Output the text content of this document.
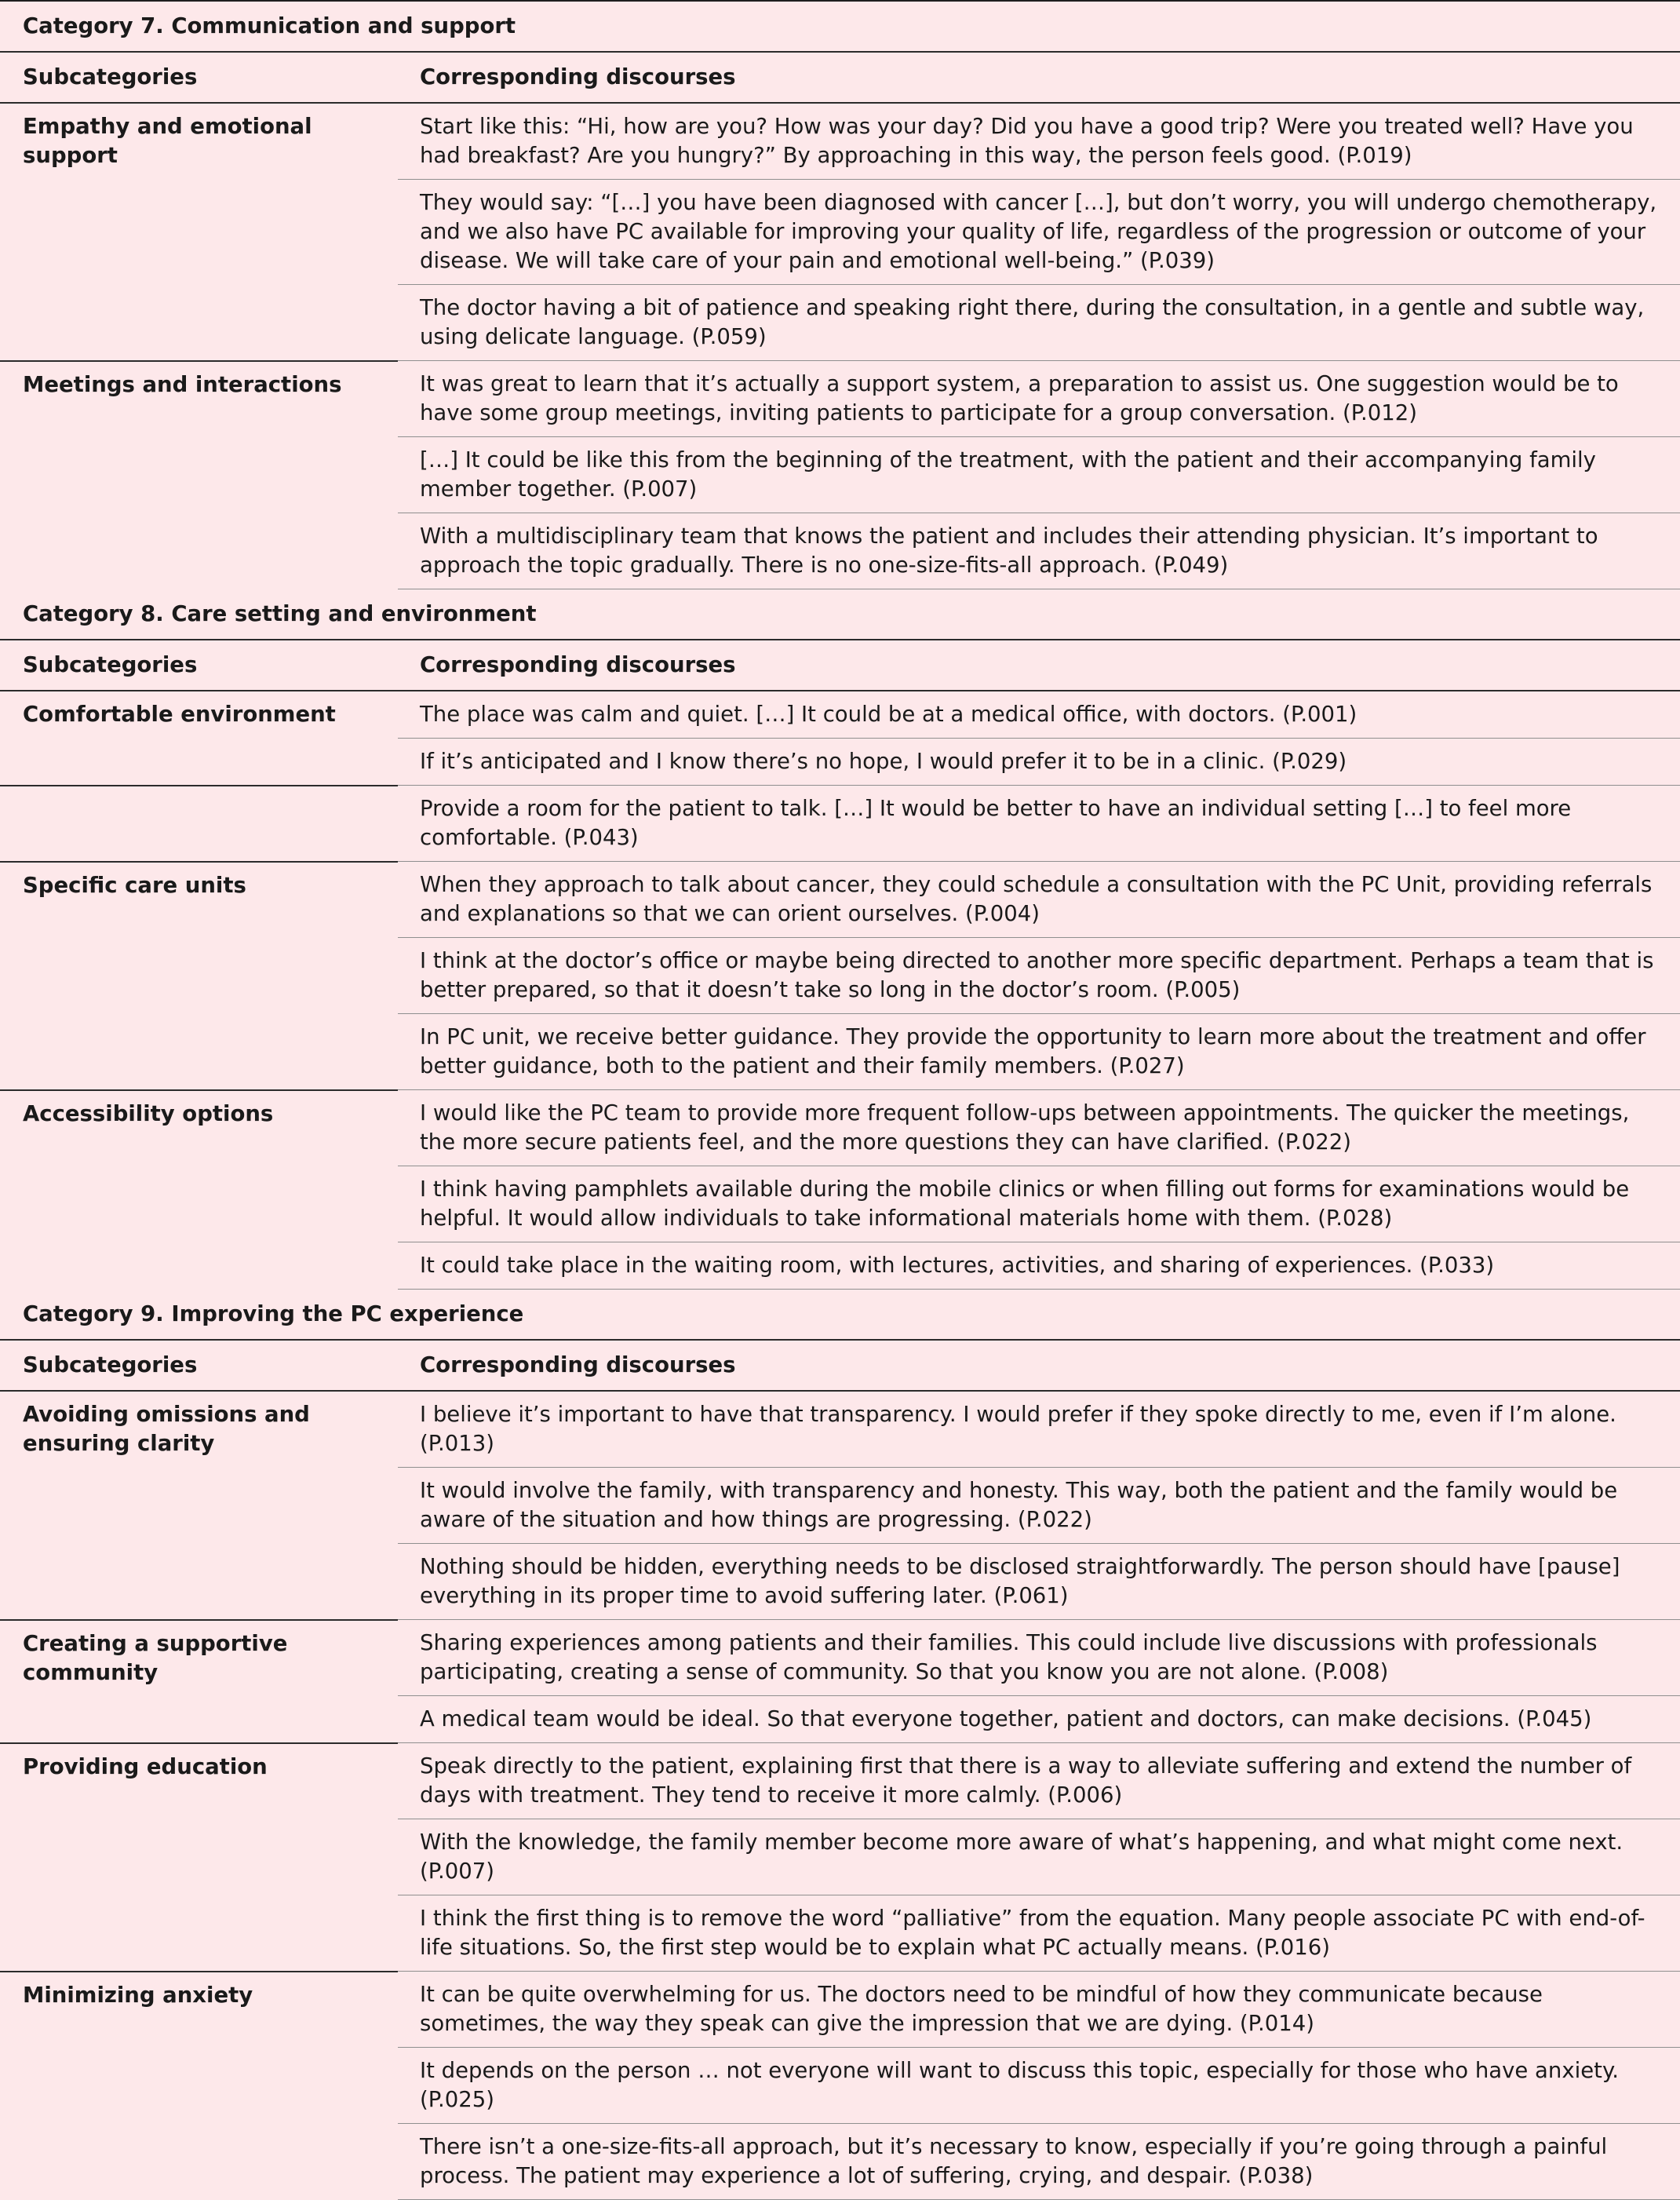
Category 7. Communication and support	
Subcategories	Corresponding discourses
Empathy and emotional support	Start like this: “Hi, how are you? How was your day? Did you have a good trip? Were you treated well? Have you had breakfast? Are you hungry?” By approaching in this way, the person feels good. (P.019)
	They would say: “[…] you have been diagnosed with cancer […], but don’t worry, you will undergo chemotherapy, and we also have PC available for improving your quality of life, regardless of the progression or outcome of your disease. We will take care of your pain and emotional well-being.” (P.039)
	The doctor having a bit of patience and speaking right there, during the consultation, in a gentle and subtle way, using delicate language. (P.059)
Meetings and interactions	It was great to learn that it’s actually a support system, a preparation to assist us. One suggestion would be to have some group meetings, inviting patients to participate for a group conversation. (P.012)
	[…] It could be like this from the beginning of the treatment, with the patient and their accompanying family member together. (P.007)
	With a multidisciplinary team that knows the patient and includes their attending physician. It’s important to approach the topic gradually. There is no one-size-fits-all approach. (P.049)
Category 8. Care setting and environment	
Subcategories	Corresponding discourses
Comfortable environment	The place was calm and quiet. […] It could be at a medical office, with doctors. (P.001)
	If it’s anticipated and I know there’s no hope, I would prefer it to be in a clinic. (P.029)
	Provide a room for the patient to talk. […] It would be better to have an individual setting […] to feel more comfortable. (P.043)
Specific care units	When they approach to talk about cancer, they could schedule a consultation with the PC Unit, providing referrals and explanations so that we can orient ourselves. (P.004)
	I think at the doctor’s office or maybe being directed to another more specific department. Perhaps a team that is better prepared, so that it doesn’t take so long in the doctor’s room. (P.005)
	In PC unit, we receive better guidance. They provide the opportunity to learn more about the treatment and offer better guidance, both to the patient and their family members. (P.027)
Accessibility options	I would like the PC team to provide more frequent follow-ups between appointments. The quicker the meetings, the more secure patients feel, and the more questions they can have clarified. (P.022)
	I think having pamphlets available during the mobile clinics or when filling out forms for examinations would be helpful. It would allow individuals to take informational materials home with them. (P.028)
	It could take place in the waiting room, with lectures, activities, and sharing of experiences. (P.033)
Category 9. Improving the PC experience	
Subcategories	Corresponding discourses
Avoiding omissions and ensuring clarity	I believe it’s important to have that transparency. I would prefer if they spoke directly to me, even if I’m alone. (P.013)
	It would involve the family, with transparency and honesty. This way, both the patient and the family would be aware of the situation and how things are progressing. (P.022)
	Nothing should be hidden, everything needs to be disclosed straightforwardly. The person should have [pause] everything in its proper time to avoid suffering later. (P.061)
Creating a supportive community	Sharing experiences among patients and their families. This could include live discussions with professionals participating, creating a sense of community. So that you know you are not alone. (P.008)
	A medical team would be ideal. So that everyone together, patient and doctors, can make decisions. (P.045)
Providing education	Speak directly to the patient, explaining first that there is a way to alleviate suffering and extend the number of days with treatment. They tend to receive it more calmly. (P.006)
	With the knowledge, the family member become more aware of what’s happening, and what might come next. (P.007)
	I think the first thing is to remove the word “palliative” from the equation. Many people associate PC with end-of-life situations. So, the first step would be to explain what PC actually means. (P.016)
Minimizing anxiety	It can be quite overwhelming for us. The doctors need to be mindful of how they communicate because sometimes, the way they speak can give the impression that we are dying. (P.014)
	It depends on the person … not everyone will want to discuss this topic, especially for those who have anxiety. (P.025)
	There isn’t a one-size-fits-all approach, but it’s necessary to know, especially if you’re going through a painful process. The patient may experience a lot of suffering, crying, and despair. (P.038)
